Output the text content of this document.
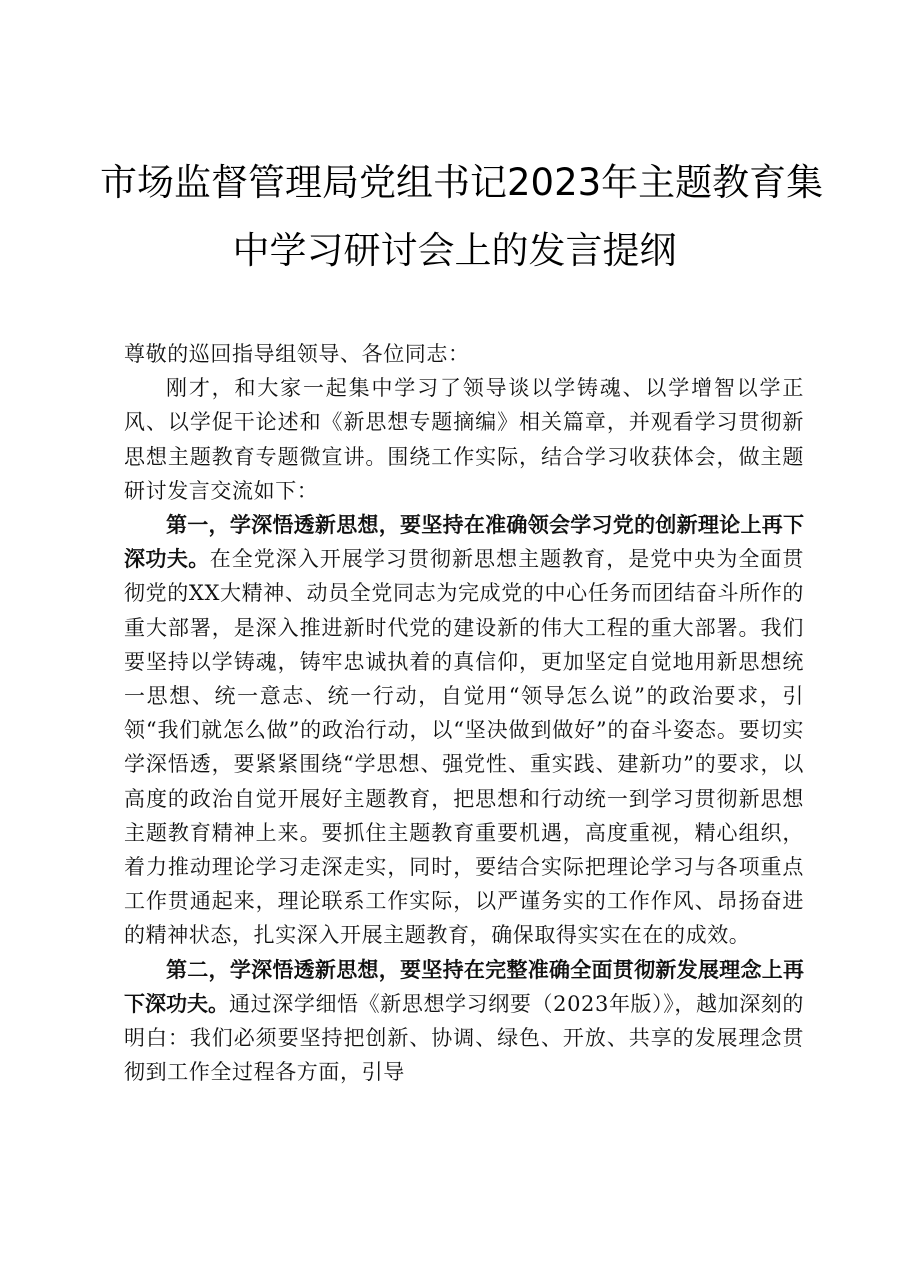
市场监督管理局党组书记2023年主题教育集
中学习研讨会上的发言提纲

尊敬的巡回指导组领导、各位同志：

刚才，和大家一起集中学习了领导谈以学铸魂、以学增智以学正风、以学促干论述和《新思想专题摘编》相关篇章，并观看学习贯彻新思想主题教育专题微宣讲。围绕工作实际，结合学习收获体会，做主题研讨发言交流如下：

第一，学深悟透新思想，要坚持在准确领会学习党的创新理论上再下深功夫。在全党深入开展学习贯彻新思想主题教育，是党中央为全面贯彻党的XX大精神、动员全党同志为完成党的中心任务而团结奋斗所作的重大部署，是深入推进新时代党的建设新的伟大工程的重大部署。我们要坚持以学铸魂，铸牢忠诚执着的真信仰，更加坚定自觉地用新思想统一思想、统一意志、统一行动，自觉用“领导怎么说”的政治要求，引领“我们就怎么做”的政治行动，以“坚决做到做好”的奋斗姿态。要切实学深悟透，要紧紧围绕“学思想、强党性、重实践、建新功”的要求，以高度的政治自觉开展好主题教育，把思想和行动统一到学习贯彻新思想主题教育精神上来。要抓住主题教育重要机遇，高度重视，精心组织，着力推动理论学习走深走实，同时，要结合实际把理论学习与各项重点工作贯通起来，理论联系工作实际，以严谨务实的工作作风、昂扬奋进的精神状态，扎实深入开展主题教育，确保取得实实在在的成效。

第二，学深悟透新思想，要坚持在完整准确全面贯彻新发展理念上再下深功夫。通过深学细悟《新思想学习纲要（2023年版）》，越加深刻的明白：我们必须要坚持把创新、协调、绿色、开放、共享的发展理念贯彻到工作全过程各方面，引导
